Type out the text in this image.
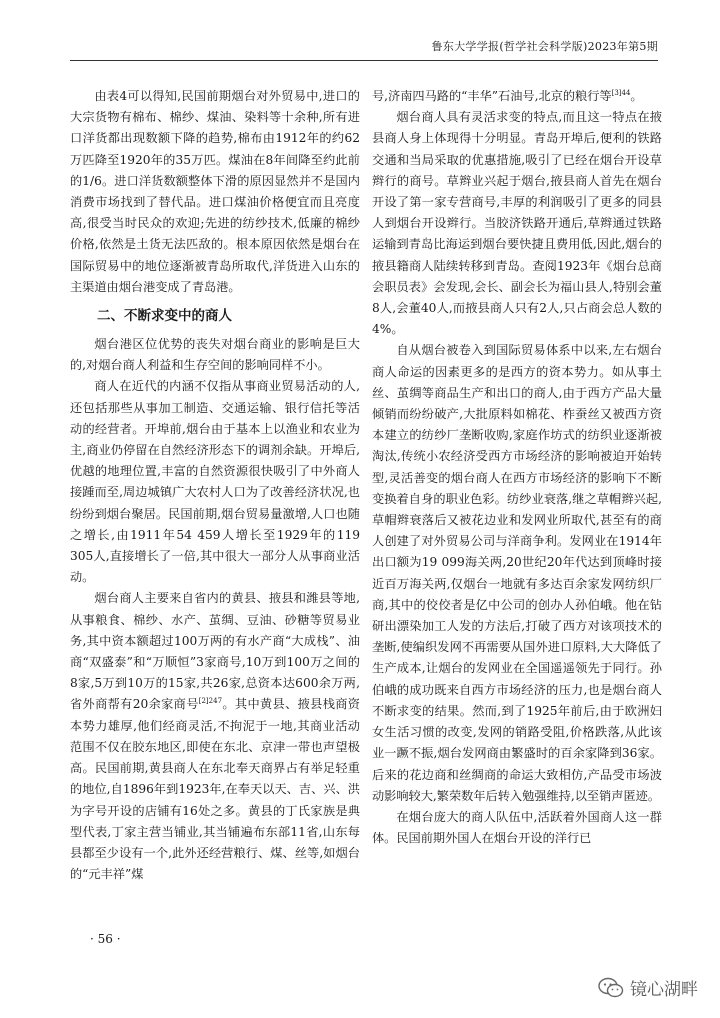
鲁东大学学报(哲学社会科学版)2023年第5期

由表4可以得知,民国前期烟台对外贸易中,进口的大宗货物有棉布、棉纱、煤油、染料等十余种,所有进口洋货都出现数额下降的趋势,棉布由1912年的约62万匹降至1920年的35万匹。煤油在8年间降至约此前的1/6。进口洋货数额整体下滑的原因显然并不是国内消费市场找到了替代品。进口煤油价格便宜而且亮度高,很受当时民众的欢迎;先进的纺纱技术,低廉的棉纱价格,依然是土货无法匹敌的。根本原因依然是烟台在国际贸易中的地位逐渐被青岛所取代,洋货进入山东的主渠道由烟台港变成了青岛港。

二、不断求变中的商人

烟台港区位优势的丧失对烟台商业的影响是巨大的,对烟台商人利益和生存空间的影响同样不小。

商人在近代的内涵不仅指从事商业贸易活动的人,还包括那些从事加工制造、交通运输、银行信托等活动的经营者。开埠前,烟台由于基本上以渔业和农业为主,商业仍停留在自然经济形态下的调剂余缺。开埠后,优越的地理位置,丰富的自然资源很快吸引了中外商人接踵而至,周边城镇广大农村人口为了改善经济状况,也纷纷到烟台聚居。民国前期,烟台贸易量激增,人口也随之增长,由1911年54 459人增长至1929年的119 305人,直接增长了一倍,其中很大一部分人从事商业活动。

烟台商人主要来自省内的黄县、掖县和潍县等地,从事粮食、棉纱、水产、茧绸、豆油、砂糖等贸易业务,其中资本额超过100万两的有水产商“大成栈”、油商“双盛泰”和“万顺恒”3家商号,10万到100万之间的8家,5万到10万的15家,共26家,总资本达600余万两,省外商帮有20余家商号$^{[2]247}$。其中黄县、掖县栈商资本势力雄厚,他们经商灵活,不拘泥于一地,其商业活动范围不仅在胶东地区,即使在东北、京津一带也声望极高。民国前期,黄县商人在东北奉天商界占有举足轻重的地位,自1896年到1923年,在奉天以天、吉、兴、洪为字号开设的店铺有16处之多。黄县的丁氏家族是典型代表,丁家主营当铺业,其当铺遍布东部11省,山东每县都至少设有一个,此外还经营粮行、煤、丝等,如烟台的“元丰祥”煤

号,济南四马路的“丰华”石油号,北京的粮行等$^{[3]44}$。

烟台商人具有灵活求变的特点,而且这一特点在掖县商人身上体现得十分明显。青岛开埠后,便利的铁路交通和当局采取的优惠措施,吸引了已经在烟台开设草辫行的商号。草辫业兴起于烟台,掖县商人首先在烟台开设了第一家专营商号,丰厚的利润吸引了更多的同县人到烟台开设辫行。当胶济铁路开通后,草辫通过铁路运输到青岛比海运到烟台要快捷且费用低,因此,烟台的掖县籍商人陆续转移到青岛。查阅1923年《烟台总商会职员表》会发现,会长、副会长为福山县人,特别会董8人,会董40人,而掖县商人只有2人,只占商会总人数的4%。

自从烟台被卷入到国际贸易体系中以来,左右烟台商人命运的因素更多的是西方的资本势力。如从事土丝、茧绸等商品生产和出口的商人,由于西方产品大量倾销而纷纷破产,大批原料如棉花、柞蚕丝又被西方资本建立的纺纱厂垄断收购,家庭作坊式的纺织业逐渐被淘汰,传统小农经济受西方市场经济的影响被迫开始转型,灵活善变的烟台商人在西方市场经济的影响下不断变换着自身的职业色彩。纺纱业衰落,继之草帽辫兴起,草帽辫衰落后又被花边业和发网业所取代,甚至有的商人创建了对外贸易公司与洋商争利。发网业在1914年出口额为19 099海关两,20世纪20年代达到顶峰时接近百万海关两,仅烟台一地就有多达百余家发网纺织厂商,其中的佼佼者是亿中公司的创办人孙伯峨。他在钻研出漂染加工人发的方法后,打破了西方对该项技术的垄断,使编织发网不再需要从国外进口原料,大大降低了生产成本,让烟台的发网业在全国遥遥领先于同行。孙伯峨的成功既来自西方市场经济的压力,也是烟台商人不断求变的结果。然而,到了1925年前后,由于欧洲妇女生活习惯的改变,发网的销路受阻,价格跌落,从此该业一蹶不振,烟台发网商由繁盛时的百余家降到36家。后来的花边商和丝绸商的命运大致相仿,产品受市场波动影响较大,繁荣数年后转入勉强维持,以至销声匿迹。

在烟台庞大的商人队伍中,活跃着外国商人这一群体。民国前期外国人在烟台开设的洋行已

· 56 ·
镜心湖畔
